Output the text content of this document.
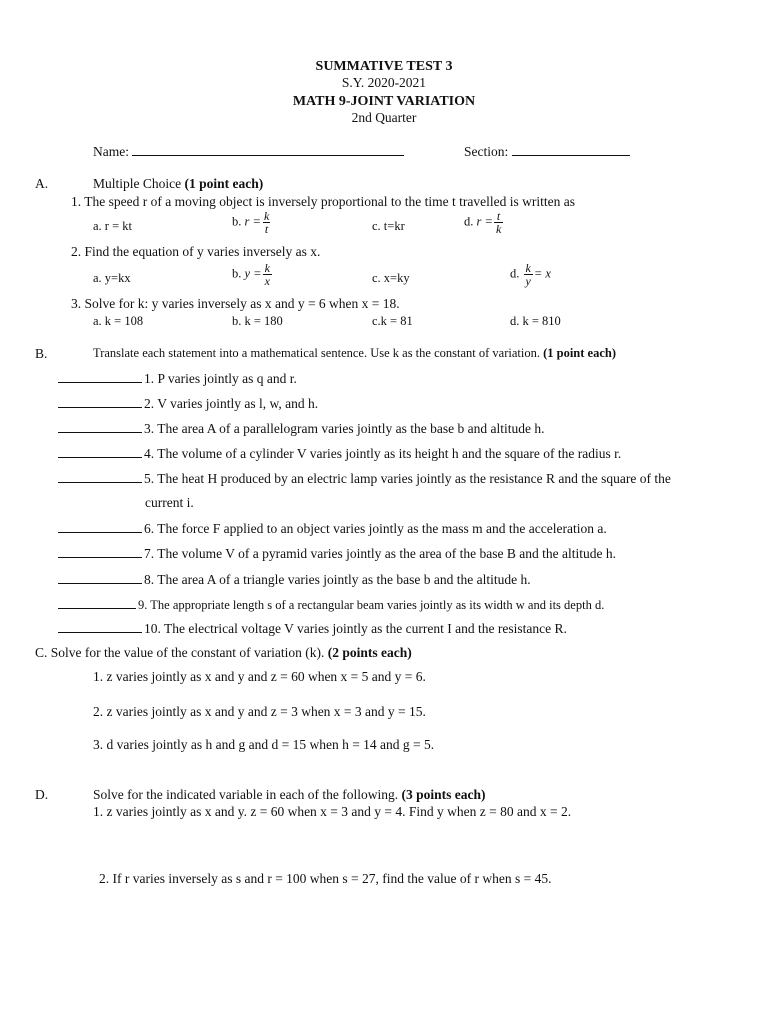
SUMMATIVE TEST 3
S.Y. 2020-2021
MATH 9-JOINT VARIATION
2nd Quarter
Name:	Section:
A.	Multiple Choice (1 point each)
1. The speed r of a moving object is inversely proportional to the time t travelled is written as
a. r = kt	b. $r = \frac{k}{t}$	c. t=kr	d. $r = \frac{t}{k}$
2. Find the equation of y varies inversely as x.
a. y=kx	b. $y = \frac{k}{x}$	c. x=ky	d. $\frac{k}{y} = x$
3. Solve for k: y varies inversely as x and y = 6 when x = 18.
a. k = 108	b. k = 180	c.k = 81	d. k = 810
B.	Translate each statement into a mathematical sentence. Use k as the constant of variation. (1 point each)
1. P varies jointly as q and r.
2. V varies jointly as l, w, and h.
3. The area A of a parallelogram varies jointly as the base b and altitude h.
4. The volume of a cylinder V varies jointly as its height h and the square of the radius r.
5. The heat H produced by an electric lamp varies jointly as the resistance R and the square of the
current i.
6. The force F applied to an object varies jointly as the mass m and the acceleration a.
7. The volume V of a pyramid varies jointly as the area of the base B and the altitude h.
8. The area A of a triangle varies jointly as the base b and the altitude h.
9. The appropriate length s of a rectangular beam varies jointly as its width w and its depth d.
10. The electrical voltage V varies jointly as the current I and the resistance R.
C. Solve for the value of the constant of variation (k). (2 points each)
1. z varies jointly as x and y and z = 60 when x = 5 and y = 6.
2. z varies jointly as x and y and z = 3 when x = 3 and y = 15.
3. d varies jointly as h and g and d = 15 when h = 14 and g = 5.
D.	Solve for the indicated variable in each of the following. (3 points each)
1. z varies jointly as x and y. z = 60 when x = 3 and y = 4. Find y when z = 80 and x = 2.
2. If r varies inversely as s and r = 100 when s = 27, find the value of r when s = 45.
